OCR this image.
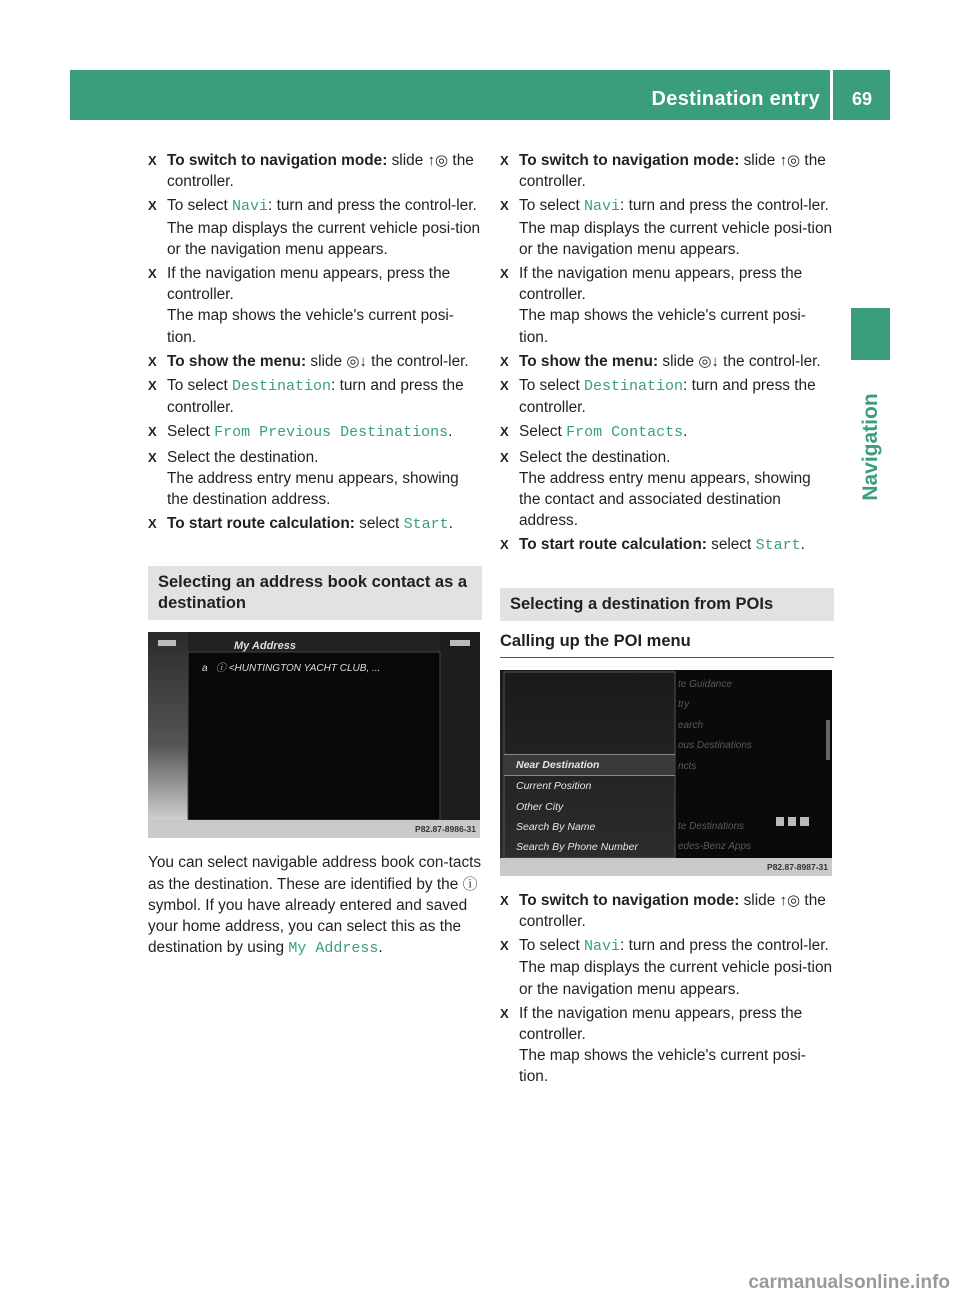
Destination entry 69
Navigation
X To switch to navigation mode: slide ↑◎ the controller.
X To select Navi: turn and press the control-ler.
The map displays the current vehicle posi-tion or the navigation menu appears.
X If the navigation menu appears, press the controller.
The map shows the vehicle's current posi-tion.
X To show the menu: slide ◎↓ the control-ler.
X To select Destination: turn and press the controller.
X Select From Previous Destinations.
X Select the destination.
The address entry menu appears, showing the destination address.
X To start route calculation: select Start.
Selecting an address book contact as a destination
My Address
a   ⓘ <HUNTINGTON YACHT CLUB, ...
P82.87-8986-31

You can select navigable address book con-tacts as the destination. These are identified by the ⓘ symbol. If you have already entered and saved your home address, you can select this as the destination by using My Address.

X To switch to navigation mode: slide ↑◎ the controller.
X To select Navi: turn and press the control-ler.
The map displays the current vehicle posi-tion or the navigation menu appears.
X If the navigation menu appears, press the controller.
The map shows the vehicle's current posi-tion.
X To show the menu: slide ◎↓ the control-ler.
X To select Destination: turn and press the controller.
X Select From Contacts.
X Select the destination.
The address entry menu appears, showing the contact and associated destination address.
X To start route calculation: select Start.
Selecting a destination from POIs
Calling up the POI menu
te Guidance
try
earch
ous Destinations
ncts
te Destinations
edes-Benz Apps
Near Destination
Current Position
Other City
Search By Name
Search By Phone Number
P82.87-8987-31
X To switch to navigation mode: slide ↑◎ the controller.
X To select Navi: turn and press the control-ler.
The map displays the current vehicle posi-tion or the navigation menu appears.
X If the navigation menu appears, press the controller.
The map shows the vehicle's current posi-tion.
carmanualsonline.info
